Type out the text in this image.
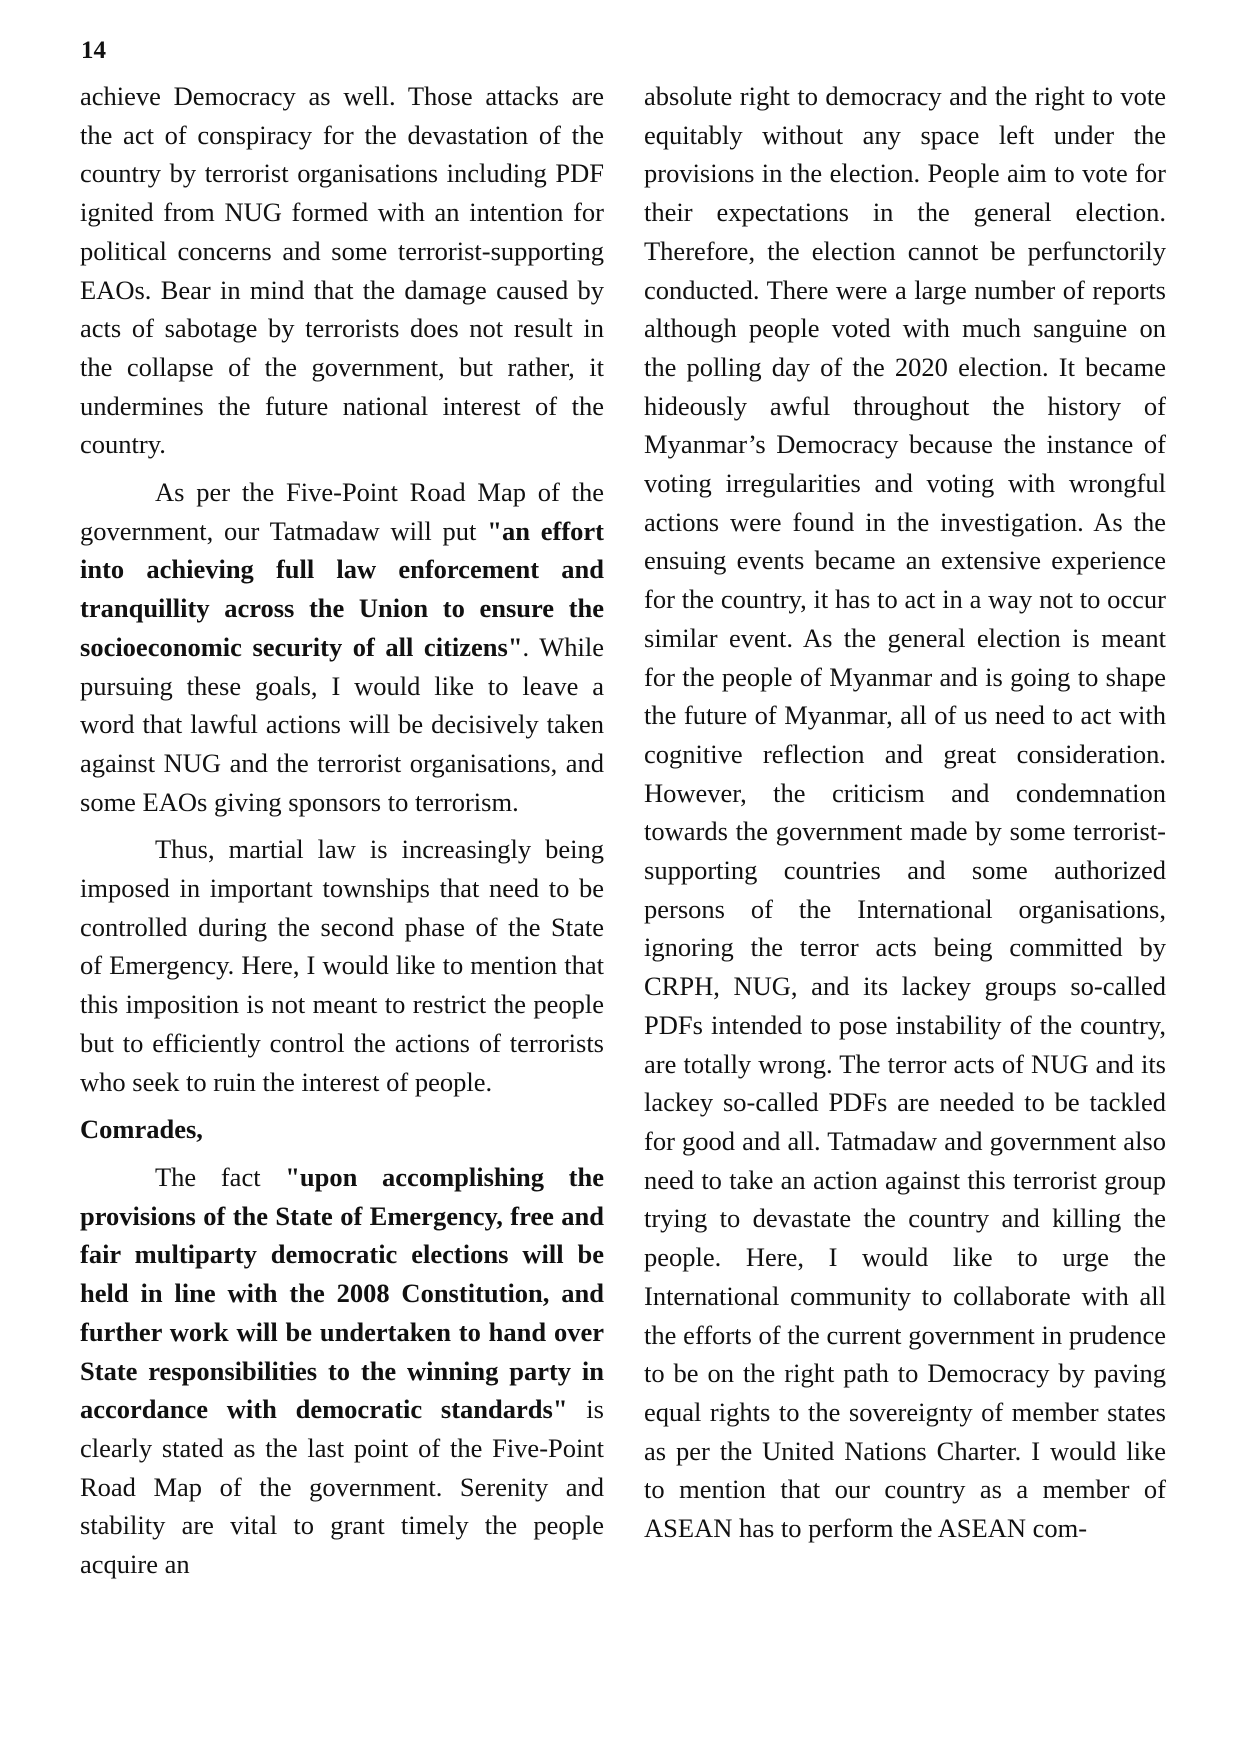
14

achieve Democracy as well. Those attacks are the act of conspiracy for the devastation of the country by terrorist organisations including PDF ignited from NUG formed with an intention for political concerns and some terrorist-supporting EAOs. Bear in mind that the damage caused by acts of sabotage by terrorists does not result in the collapse of the government, but rather, it undermines the future national interest of the country.

As per the Five-Point Road Map of the government, our Tatmadaw will put "an effort into achieving full law enforcement and tranquillity across the Union to ensure the socioeconomic security of all citizens". While pursuing these goals, I would like to leave a word that lawful actions will be decisively taken against NUG and the terrorist organisations, and some EAOs giving sponsors to terrorism.

Thus, martial law is increasingly being imposed in important townships that need to be controlled during the second phase of the State of Emergency. Here, I would like to mention that this imposition is not meant to restrict the people but to efficiently control the actions of terrorists who seek to ruin the interest of people.

Comrades,

The fact "upon accomplishing the provisions of the State of Emergency, free and fair multiparty democratic elections will be held in line with the 2008 Constitution, and further work will be undertaken to hand over State responsibilities to the winning party in accordance with democratic standards" is clearly stated as the last point of the Five-Point Road Map of the government. Serenity and stability are vital to grant timely the people acquire an

absolute right to democracy and the right to vote equitably without any space left under the provisions in the election. People aim to vote for their expectations in the general election. Therefore, the election cannot be perfunctorily conducted. There were a large number of reports although people voted with much sanguine on the polling day of the 2020 election. It became hideously awful throughout the history of Myanmar’s Democracy because the instance of voting irregularities and voting with wrongful actions were found in the investigation. As the ensuing events became an extensive experience for the country, it has to act in a way not to occur similar event. As the general election is meant for the people of Myanmar and is going to shape the future of Myanmar, all of us need to act with cognitive reflection and great consideration. However, the criticism and condemnation towards the government made by some terrorist-supporting countries and some authorized persons of the International organisations, ignoring the terror acts being committed by CRPH, NUG, and its lackey groups so-called PDFs intended to pose instability of the country, are totally wrong. The terror acts of NUG and its lackey so-called PDFs are needed to be tackled for good and all. Tatmadaw and government also need to take an action against this terrorist group trying to devastate the country and killing the people. Here, I would like to urge the International community to collaborate with all the efforts of the current government in prudence to be on the right path to Democracy by paving equal rights to the sovereignty of member states as per the United Nations Charter. I would like to mention that our country as a member of ASEAN has to perform the ASEAN com-
